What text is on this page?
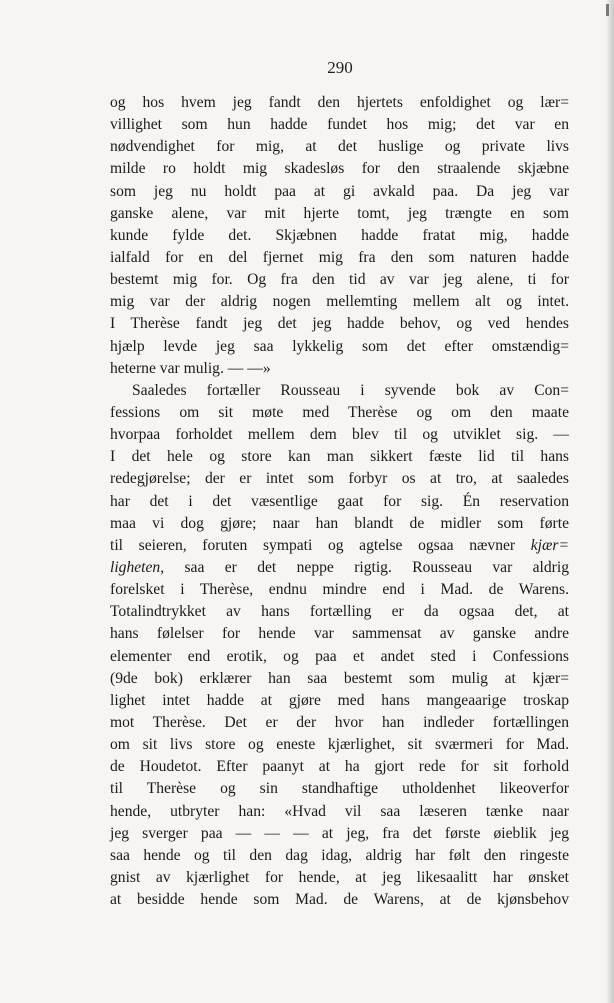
290
og hos hvem jeg fandt den hjertets enfoldighet og lær=
villighet som hun hadde fundet hos mig; det var en
nødvendighet for mig, at det huslige og private livs
milde ro holdt mig skadesløs for den straalende skjæbne
som jeg nu holdt paa at gi avkald paa. Da jeg var
ganske alene, var mit hjerte tomt, jeg trængte en som
kunde fylde det. Skjæbnen hadde fratat mig, hadde
ialfald for en del fjernet mig fra den som naturen hadde
bestemt mig for. Og fra den tid av var jeg alene, ti for
mig var der aldrig nogen mellemting mellem alt og intet.
I Therèse fandt jeg det jeg hadde behov, og ved hendes
hjælp levde jeg saa lykkelig som det efter omstændig=
heterne var mulig. — —»
Saaledes fortæller Rousseau i syvende bok av Con=
fessions om sit møte med Therèse og om den maate
hvorpaa forholdet mellem dem blev til og utviklet sig. —
I det hele og store kan man sikkert fæste lid til hans
redegjørelse; der er intet som forbyr os at tro, at saaledes
har det i det væsentlige gaat for sig. Én reservation
maa vi dog gjøre; naar han blandt de midler som førte
til seieren, foruten sympati og agtelse ogsaa nævner kjær=
ligheten, saa er det neppe rigtig. Rousseau var aldrig
forelsket i Therèse, endnu mindre end i Mad. de Warens.
Totalindtrykket av hans fortælling er da ogsaa det, at
hans følelser for hende var sammensat av ganske andre
elementer end erotik, og paa et andet sted i Confessions
(9de bok) erklærer han saa bestemt som mulig at kjær=
lighet intet hadde at gjøre med hans mangeaarige troskap
mot Therèse. Det er der hvor han indleder fortællingen
om sit livs store og eneste kjærlighet, sit sværmeri for Mad.
de Houdetot. Efter paanyt at ha gjort rede for sit forhold
til Therèse og sin standhaftige utholdenhet likeoverfor
hende, utbryter han: «Hvad vil saa læseren tænke naar
jeg sverger paa — — — at jeg, fra det første øieblik jeg
saa hende og til den dag idag, aldrig har følt den ringeste
gnist av kjærlighet for hende, at jeg likesaalitt har ønsket
at besidde hende som Mad. de Warens, at de kjønsbehov
